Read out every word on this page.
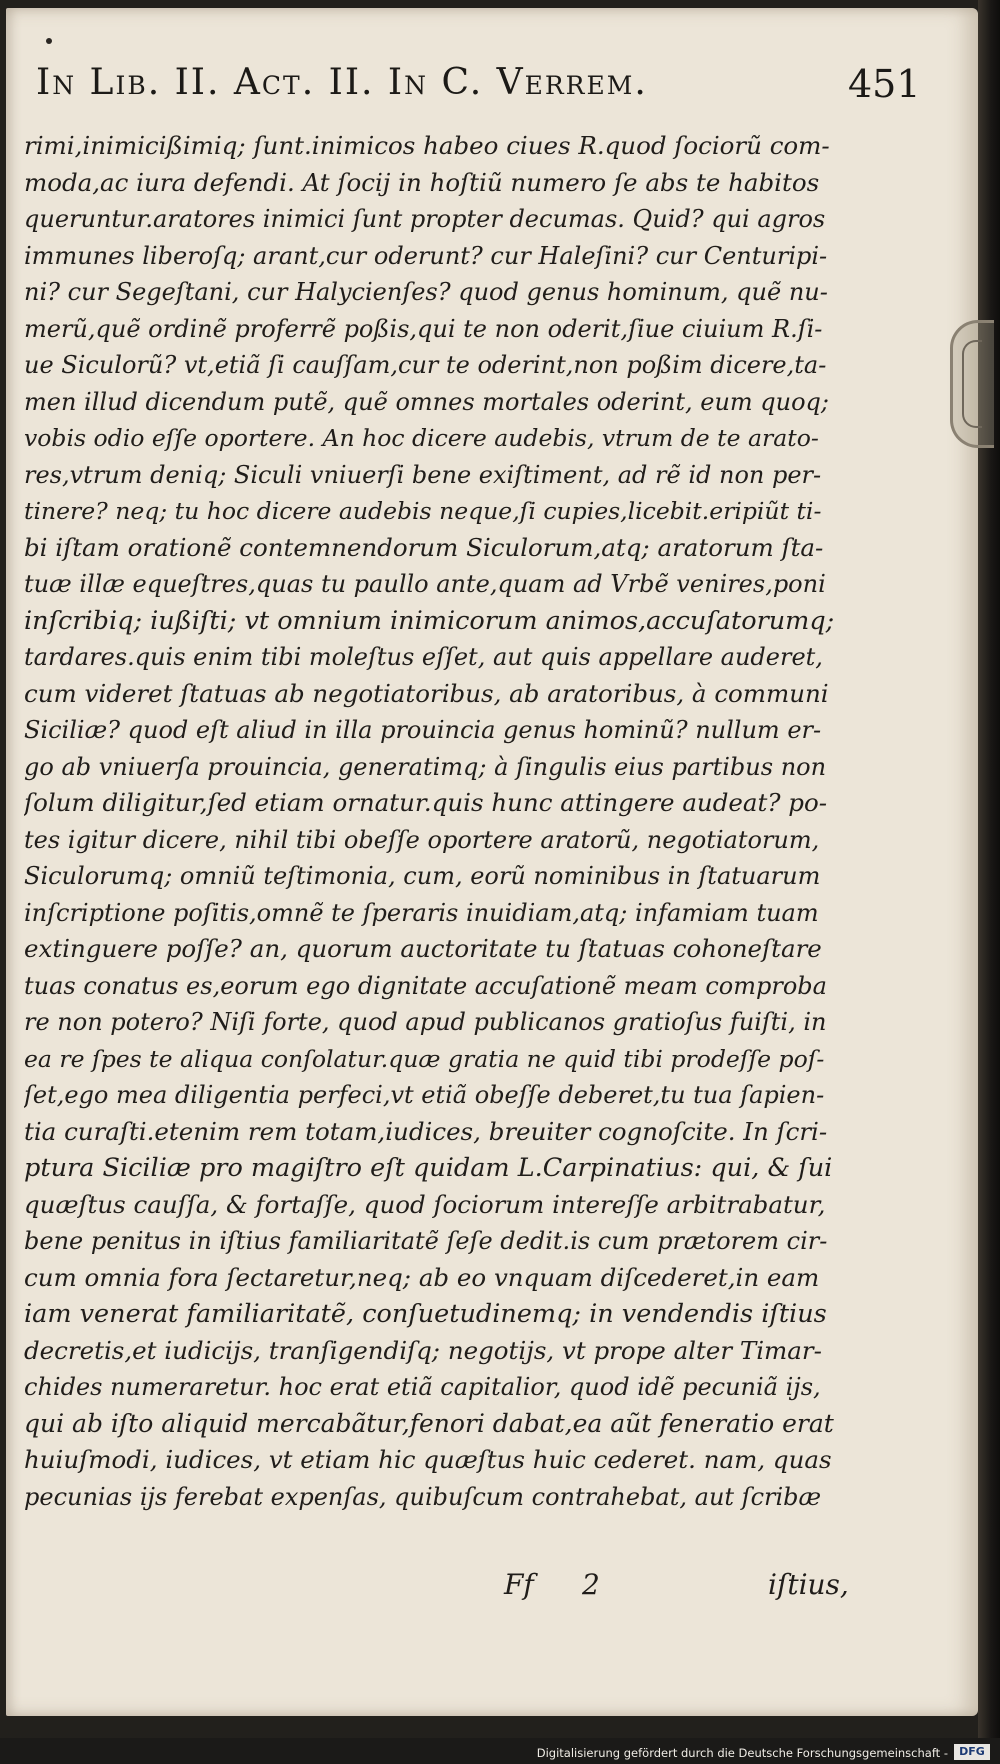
In Lib. II. Act. II. In C. Verrem.	451
rimi,inimicißimiq; ſunt.inimicos habeo ciues R.quod ſociorũ com-
moda,ac iura defendi. At ſocij in hoſtiũ numero ſe abs te habitos
queruntur.aratores inimici ſunt propter decumas. Quid? qui agros
immunes liberoſq; arant,cur oderunt? cur Haleſini? cur Centuripi-
ni? cur Segeſtani, cur Halycienſes? quod genus hominum, quẽ nu-
merũ,quẽ ordinẽ proferrẽ poßis,qui te non oderit,ſiue ciuium R.ſi-
ue Siculorũ? vt,etiã ſi cauſſam,cur te oderint,non poßim dicere,ta-
men illud dicendum putẽ, quẽ omnes mortales oderint, eum quoq;
vobis odio eſſe oportere. An hoc dicere audebis, vtrum de te arato-
res,vtrum deniq; Siculi vniuerſi bene exiſtiment, ad rẽ id non per-
tinere? neq; tu hoc dicere audebis neque,ſi cupies,licebit.eripiũt ti-
bi iſtam orationẽ contemnendorum Siculorum,atq; aratorum ſta-
tuæ illæ equeſtres,quas tu paullo ante,quam ad Vrbẽ venires,poni
inſcribiq; iußiſti; vt omnium inimicorum animos,accuſatorumq;
tardares.quis enim tibi moleſtus eſſet, aut quis appellare auderet,
cum videret ſtatuas ab negotiatoribus, ab aratoribus, à communi
Siciliæ? quod eſt aliud in illa prouincia genus hominũ? nullum er-
go ab vniuerſa prouincia, generatimq; à ſingulis eius partibus non
ſolum diligitur,ſed etiam ornatur.quis hunc attingere audeat? po-
tes igitur dicere, nihil tibi obeſſe oportere aratorũ, negotiatorum,
Siculorumq; omniũ teſtimonia, cum, eorũ nominibus in ſtatuarum
inſcriptione poſitis,omnẽ te ſperaris inuidiam,atq; infamiam tuam
extinguere poſſe? an, quorum auctoritate tu ſtatuas cohoneſtare
tuas conatus es,eorum ego dignitate accuſationẽ meam comproba
re non potero? Niſi forte, quod apud publicanos gratioſus fuiſti, in
ea re ſpes te aliqua conſolatur.quæ gratia ne quid tibi prodeſſe poſ-
ſet,ego mea diligentia perfeci,vt etiã obeſſe deberet,tu tua ſapien-
tia curaſti.etenim rem totam,iudices, breuiter cognoſcite. In ſcri-
ptura Siciliæ pro magiſtro eſt quidam L.Carpinatius: qui, & ſui
quæſtus cauſſa, & fortaſſe, quod ſociorum intereſſe arbitrabatur,
bene penitus in iſtius familiaritatẽ ſeſe dedit.is cum prætorem cir-
cum omnia fora ſectaretur,neq; ab eo vnquam diſcederet,in eam
iam venerat familiaritatẽ, conſuetudinemq; in vendendis iſtius
decretis,et iudicijs, tranſigendiſq; negotijs, vt prope alter Timar-
chides numeraretur. hoc erat etiã capitalior, quod idẽ pecuniã ijs,
qui ab iſto aliquid mercabãtur,fenori dabat,ea aũt feneratio erat
huiuſmodi, iudices, vt etiam hic quæſtus huic cederet. nam, quas
pecunias ijs ferebat expenſas, quibuſcum contrahebat, aut ſcribæ
Ff 2	iſtius,
Digitalisierung gefördert durch die Deutsche Forschungsgemeinschaft -	DFG
